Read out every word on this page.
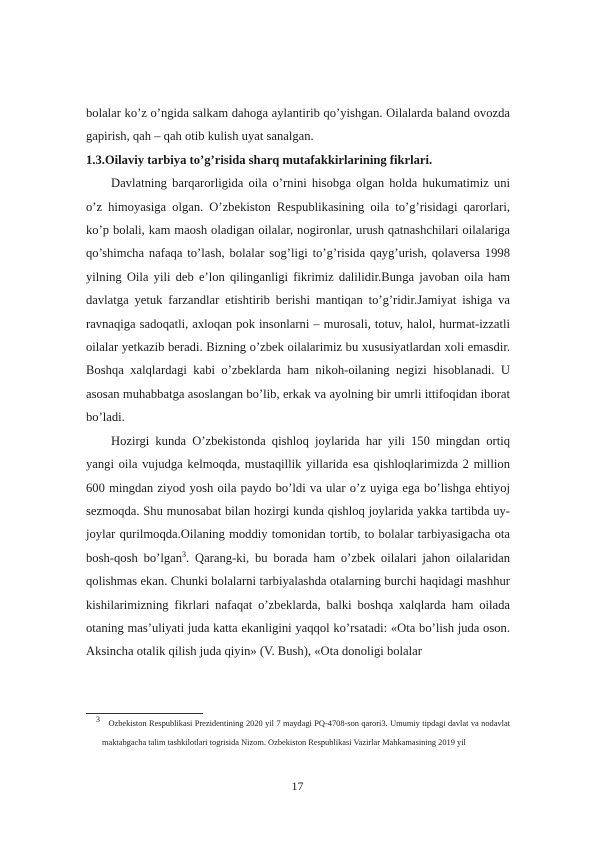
bolalar ko’z o’ngida salkam dahoga aylantirib qo’yishgan. Oilalarda baland ovozda gapirish, qah – qah otib kulish uyat sanalgan.

1.3.Oilaviy tarbiya to’g’risida sharq mutafakkirlarining fikrlari.

Davlatning barqarorligida oila o’rnini hisobga olgan holda hukumatimiz uni o’z himoyasiga olgan. O’zbekiston Respublikasining oila to’g’risidagi qarorlari, ko’p bolali, kam maosh oladigan oilalar, nogironlar, urush qatnashchilari oilalariga qo’shimcha nafaqa to’lash, bolalar sog’ligi to’g’risida qayg’urish, qolaversa 1998 yilning Oila yili deb e’lon qilinganligi fikrimiz dalilidir.Bunga javoban oila ham davlatga yetuk farzandlar etishtirib berishi mantiqan to’g’ridir.Jamiyat ishiga va ravnaqiga sadoqatli, axloqan pok insonlarni – murosali, totuv, halol, hurmat-izzatli oilalar yetkazib beradi. Bizning o’zbek oilalarimiz bu xususiyatlardan xoli emasdir. Boshqa xalqlardagi kabi o’zbeklarda ham nikoh-oilaning negizi hisoblanadi. U asosan muhabbatga asoslangan bo’lib, erkak va ayolning bir umrli ittifoqidan iborat bo’ladi.

Hozirgi kunda O’zbekistonda qishloq joylarida har yili 150 mingdan ortiq yangi oila vujudga kelmoqda, mustaqillik yillarida esa qishloqlarimizda 2 million 600 mingdan ziyod yosh oila paydo bo’ldi va ular o’z uyiga ega bo’lishga ehtiyoj sezmoqda. Shu munosabat bilan hozirgi kunda qishloq joylarida yakka tartibda uy-joylar qurilmoqda.Oilaning moddiy tomonidan tortib, to bolalar tarbiyasigacha ota bosh-qosh bo’lgan$^3$. Qarang-ki, bu borada ham o’zbek oilalari jahon oilalaridan qolishmas ekan. Chunki bolalarni tarbiyalashda otalarning burchi haqidagi mashhur kishilarimizning fikrlari nafaqat o’zbeklarda, balki boshqa xalqlarda ham oilada otaning mas’uliyati juda katta ekanligini yaqqol ko’rsatadi: «Ota bo’lish juda oson. Aksincha otalik qilish juda qiyin» (V. Bush), «Ota donoligi bolalar

$^3$ Ozbekiston Respublikasi Prezidentining 2020 yil 7 maydagi PQ-4708-son qarori3. Umumiy tipdagi davlat va nodavlat maktabgacha talim tashkilotlari togrisida Nizom. Ozbekiston Respublikasi Vazirlar Mahkamasining 2019 yil
17
